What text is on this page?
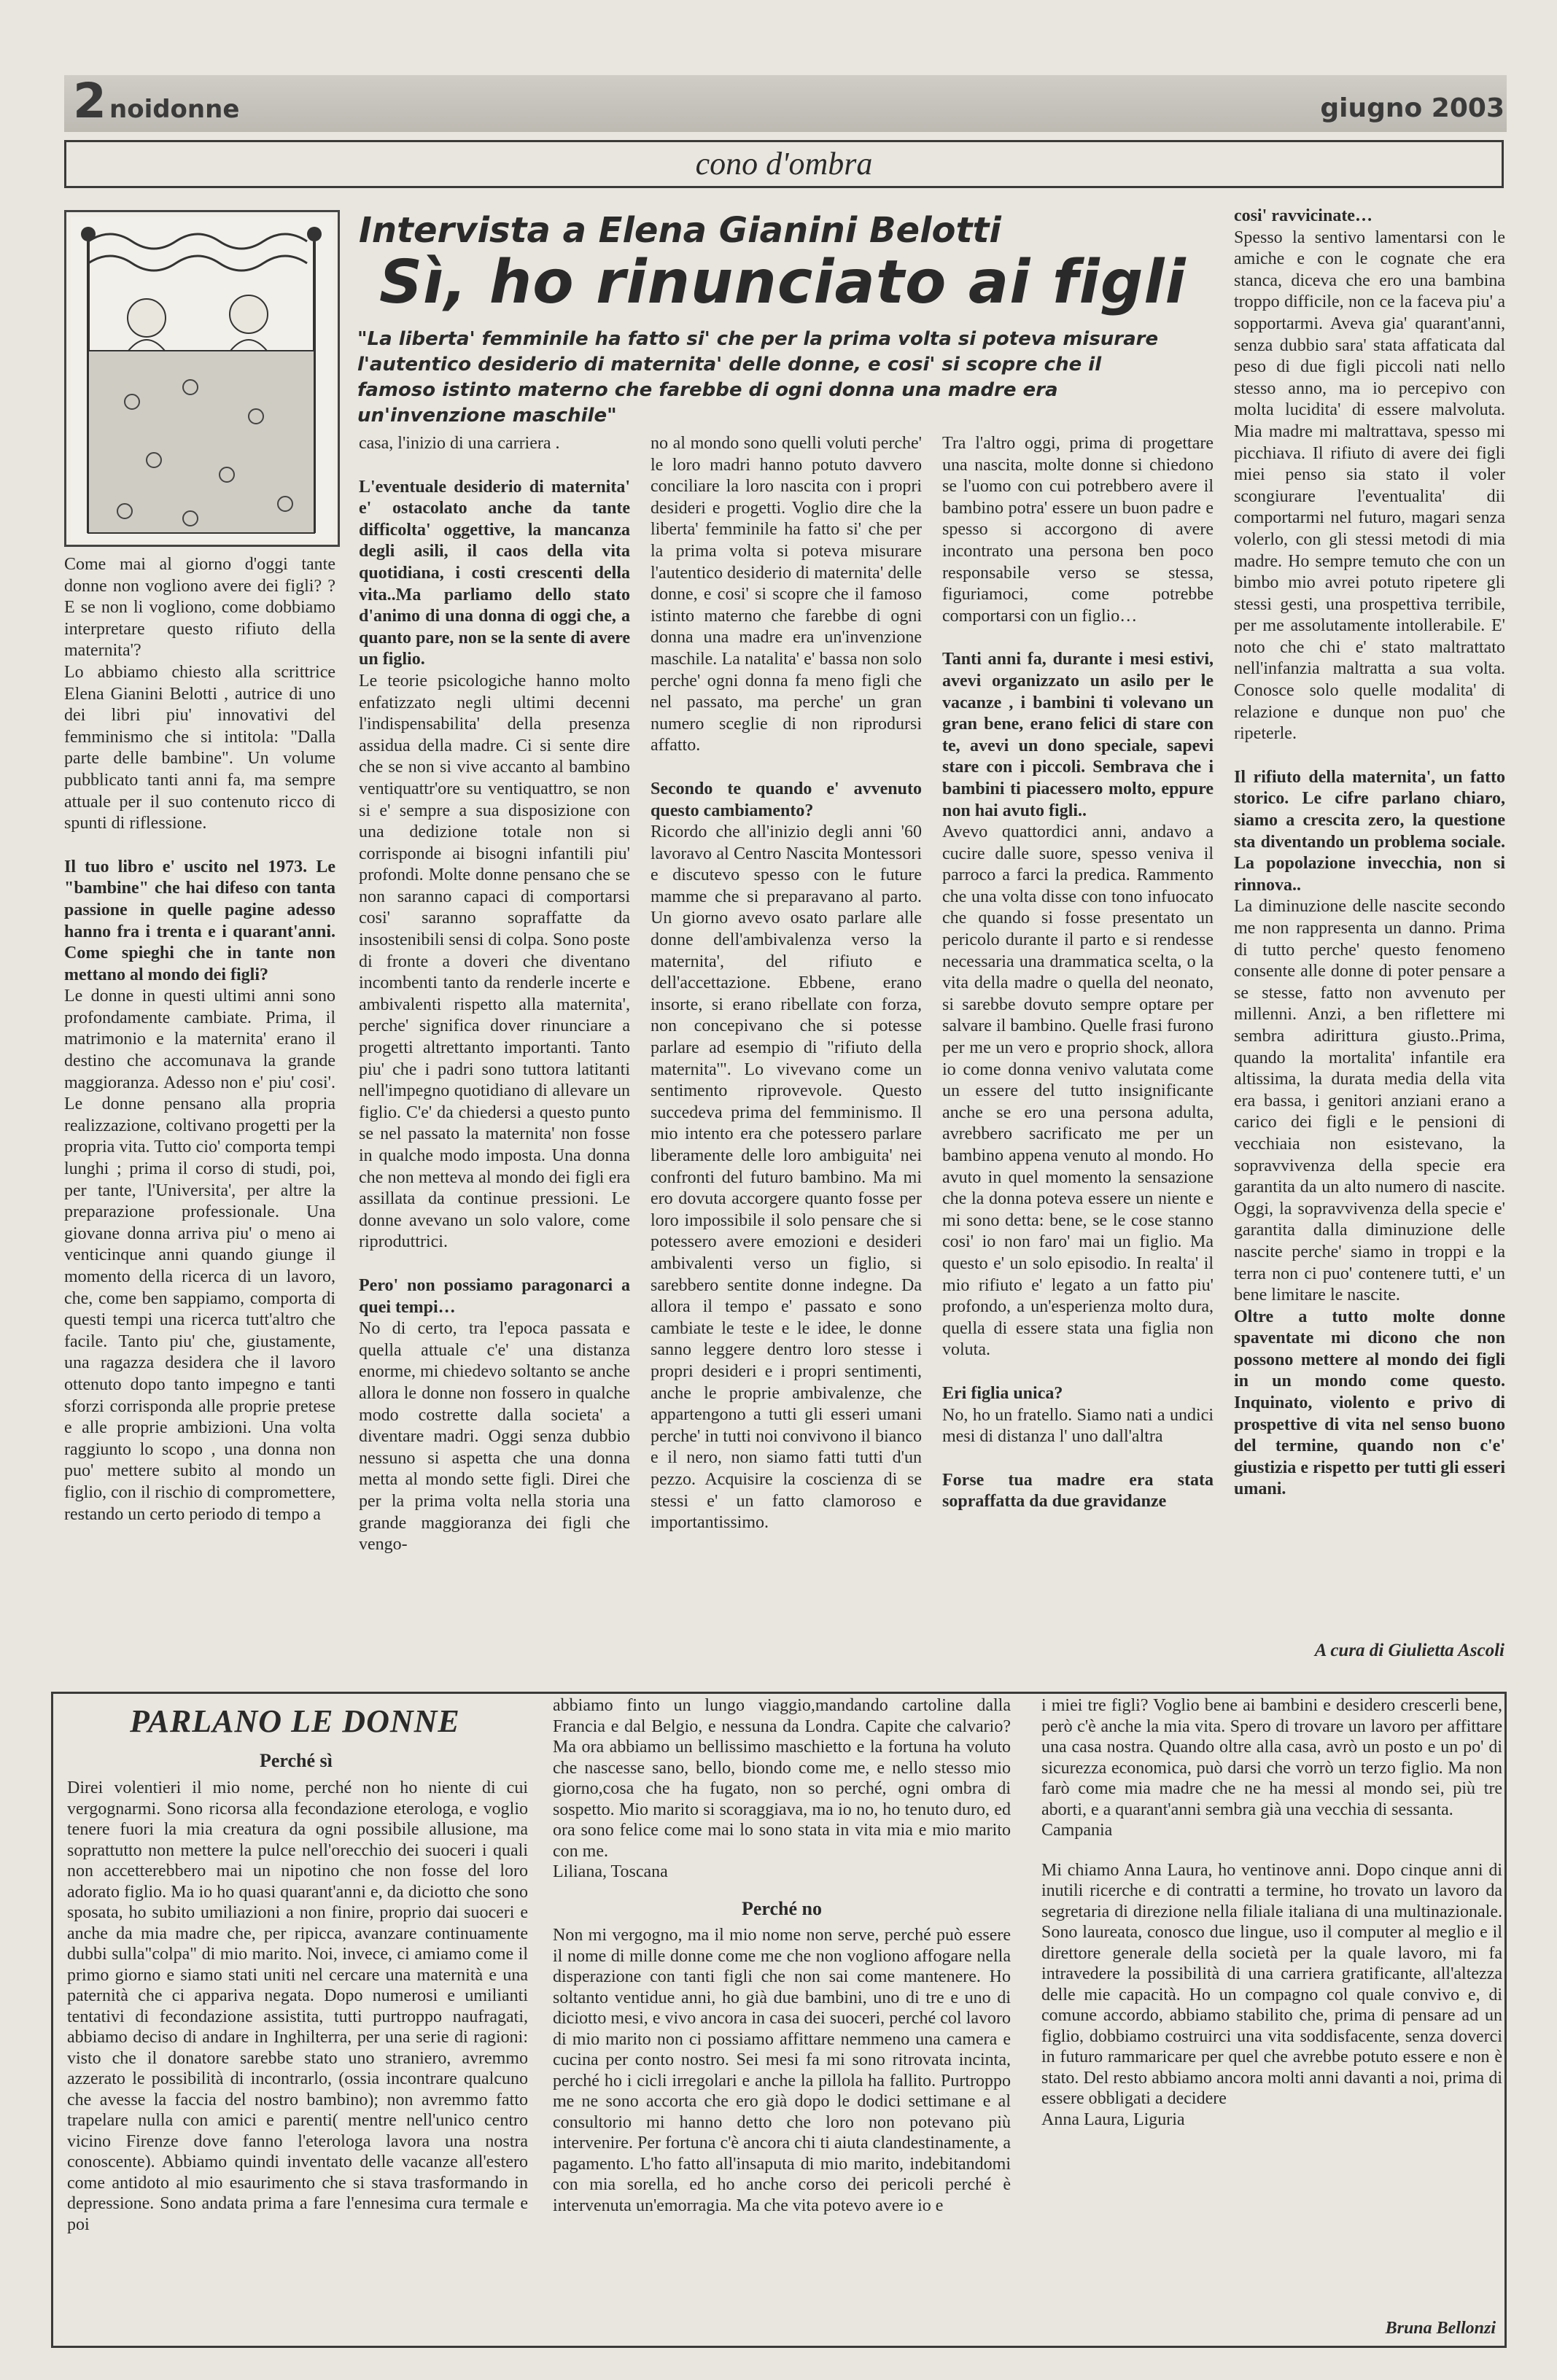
2 noidonne	giugno 2003
cono d'ombra
Intervista a Elena Gianini Belotti
Sì, ho rinunciato ai figli
"La liberta' femminile ha fatto si' che per la prima volta si poteva misurare l'autentico desiderio di maternita' delle donne, e cosi' si scopre che il famoso istinto materno che farebbe di ogni donna una madre era un'invenzione maschile"

Come mai al giorno d'oggi tante donne non vogliono avere dei figli? ? E se non li vogliono, come dobbiamo interpretare questo rifiuto della maternita'?

Lo abbiamo chiesto alla scrittrice Elena Gianini Belotti , autrice di uno dei libri piu' innovativi del femminismo che si intitola: "Dalla parte delle bambine". Un volume pubblicato tanti anni fa, ma sempre attuale per il suo contenuto ricco di spunti di riflessione.

Il tuo libro e' uscito nel 1973. Le "bambine" che hai difeso con tanta passione in quelle pagine adesso hanno fra i trenta e i quarant'anni. Come spieghi che in tante non mettano al mondo dei figli?

Le donne in questi ultimi anni sono profondamente cambiate. Prima, il matrimonio e la maternita' erano il destino che accomunava la grande maggioranza. Adesso non e' piu' cosi'. Le donne pensano alla propria realizzazione, coltivano progetti per la propria vita. Tutto cio' comporta tempi lunghi ; prima il corso di studi, poi, per tante, l'Universita', per altre la preparazione professionale. Una giovane donna arriva piu' o meno ai venticinque anni quando giunge il momento della ricerca di un lavoro, che, come ben sappiamo, comporta di questi tempi una ricerca tutt'altro che facile. Tanto piu' che, giustamente, una ragazza desidera che il lavoro ottenuto dopo tanto impegno e tanti sforzi corrisponda alle proprie pretese e alle proprie ambizioni. Una volta raggiunto lo scopo , una donna non puo' mettere subito al mondo un figlio, con il rischio di compromettere, restando un certo periodo di tempo a

casa, l'inizio di una carriera .

L'eventuale desiderio di maternita' e' ostacolato anche da tante difficolta' oggettive, la mancanza degli asili, il caos della vita quotidiana, i costi crescenti della vita..Ma parliamo dello stato d'animo di una donna di oggi che, a quanto pare, non se la sente di avere un figlio.

Le teorie psicologiche hanno molto enfatizzato negli ultimi decenni l'indispensabilita' della presenza assidua della madre. Ci si sente dire che se non si vive accanto al bambino ventiquattr'ore su ventiquattro, se non si e' sempre a sua disposizione con una dedizione totale non si corrisponde ai bisogni infantili piu' profondi. Molte donne pensano che se non saranno capaci di comportarsi cosi' saranno sopraffatte da insostenibili sensi di colpa. Sono poste di fronte a doveri che diventano incombenti tanto da renderle incerte e ambivalenti rispetto alla maternita', perche' significa dover rinunciare a progetti altrettanto importanti. Tanto piu' che i padri sono tuttora latitanti nell'impegno quotidiano di allevare un figlio. C'e' da chiedersi a questo punto se nel passato la maternita' non fosse in qualche modo imposta. Una donna che non metteva al mondo dei figli era assillata da continue pressioni. Le donne avevano un solo valore, come riproduttrici.

Pero' non possiamo paragonarci a quei tempi…

No di certo, tra l'epoca passata e quella attuale c'e' una distanza enorme, mi chiedevo soltanto se anche allora le donne non fossero in qualche modo costrette dalla societa' a diventare madri. Oggi senza dubbio nessuno si aspetta che una donna metta al mondo sette figli. Direi che per la prima volta nella storia una grande maggioranza dei figli che vengo-

no al mondo sono quelli voluti perche' le loro madri hanno potuto davvero conciliare la loro nascita con i propri desideri e progetti. Voglio dire che la liberta' femminile ha fatto si' che per la prima volta si poteva misurare l'autentico desiderio di maternita' delle donne, e cosi' si scopre che il famoso istinto materno che farebbe di ogni donna una madre era un'invenzione maschile. La natalita' e' bassa non solo perche' ogni donna fa meno figli che nel passato, ma perche' un gran numero sceglie di non riprodursi affatto.

Secondo te quando e' avvenuto questo cambiamento?

Ricordo che all'inizio degli anni '60 lavoravo al Centro Nascita Montessori e discutevo spesso con le future mamme che si preparavano al parto. Un giorno avevo osato parlare alle donne dell'ambivalenza verso la maternita', del rifiuto e dell'accettazione. Ebbene, erano insorte, si erano ribellate con forza, non concepivano che si potesse parlare ad esempio di "rifiuto della maternita'". Lo vivevano come un sentimento riprovevole. Questo succedeva prima del femminismo. Il mio intento era che potessero parlare liberamente delle loro ambiguita' nei confronti del futuro bambino. Ma mi ero dovuta accorgere quanto fosse per loro impossibile il solo pensare che si potessero avere emozioni e desideri ambivalenti verso un figlio, si sarebbero sentite donne indegne. Da allora il tempo e' passato e sono cambiate le teste e le idee, le donne sanno leggere dentro loro stesse i propri desideri e i propri sentimenti, anche le proprie ambivalenze, che appartengono a tutti gli esseri umani perche' in tutti noi convivono il bianco e il nero, non siamo fatti tutti d'un pezzo. Acquisire la coscienza di se stessi e' un fatto clamoroso e importantissimo.

Tra l'altro oggi, prima di progettare una nascita, molte donne si chiedono se l'uomo con cui potrebbero avere il bambino potra' essere un buon padre e spesso si accorgono di avere incontrato una persona ben poco responsabile verso se stessa, figuriamoci, come potrebbe comportarsi con un figlio…

Tanti anni fa, durante i mesi estivi, avevi organizzato un asilo per le vacanze , i bambini ti volevano un gran bene, erano felici di stare con te, avevi un dono speciale, sapevi stare con i piccoli. Sembrava che i bambini ti piacessero molto, eppure non hai avuto figli..

Avevo quattordici anni, andavo a cucire dalle suore, spesso veniva il parroco a farci la predica. Rammento che una volta disse con tono infuocato che quando si fosse presentato un pericolo durante il parto e si rendesse necessaria una drammatica scelta, o la vita della madre o quella del neonato, si sarebbe dovuto sempre optare per salvare il bambino. Quelle frasi furono per me un vero e proprio shock, allora io come donna venivo valutata come un essere del tutto insignificante anche se ero una persona adulta, avrebbero sacrificato me per un bambino appena venuto al mondo. Ho avuto in quel momento la sensazione che la donna poteva essere un niente e mi sono detta: bene, se le cose stanno cosi' io non faro' mai un figlio. Ma questo e' un solo episodio. In realta' il mio rifiuto e' legato a un fatto piu' profondo, a un'esperienza molto dura, quella di essere stata una figlia non voluta.

Eri figlia unica?

No, ho un fratello. Siamo nati a undici mesi di distanza l' uno dall'altra

Forse tua madre era stata sopraffatta da due gravidanze

cosi' ravvicinate…

Spesso la sentivo lamentarsi con le amiche e con le cognate che era stanca, diceva che ero una bambina troppo difficile, non ce la faceva piu' a sopportarmi. Aveva gia' quarant'anni, senza dubbio sara' stata affaticata dal peso di due figli piccoli nati nello stesso anno, ma io percepivo con molta lucidita' di essere malvoluta. Mia madre mi maltrattava, spesso mi picchiava. Il rifiuto di avere dei figli miei penso sia stato il voler scongiurare l'eventualita' dii comportarmi nel futuro, magari senza volerlo, con gli stessi metodi di mia madre. Ho sempre temuto che con un bimbo mio avrei potuto ripetere gli stessi gesti, una prospettiva terribile, per me assolutamente intollerabile. E' noto che chi e' stato maltrattato nell'infanzia maltratta a sua volta. Conosce solo quelle modalita' di relazione e dunque non puo' che ripeterle.

Il rifiuto della maternita', un fatto storico. Le cifre parlano chiaro, siamo a crescita zero, la questione sta diventando un problema sociale. La popolazione invecchia, non si rinnova..

La diminuzione delle nascite secondo me non rappresenta un danno. Prima di tutto perche' questo fenomeno consente alle donne di poter pensare a se stesse, fatto non avvenuto per millenni. Anzi, a ben riflettere mi sembra adirittura giusto..Prima, quando la mortalita' infantile era altissima, la durata media della vita era bassa, i genitori anziani erano a carico dei figli e le pensioni di vecchiaia non esistevano, la sopravvivenza della specie era garantita da un alto numero di nascite. Oggi, la sopravvivenza della specie e' garantita dalla diminuzione delle nascite perche' siamo in troppi e la terra non ci puo' contenere tutti, e' un bene limitare le nascite.

Oltre a tutto molte donne spaventate mi dicono che non possono mettere al mondo dei figli in un mondo come questo. Inquinato, violento e privo di prospettive di vita nel senso buono del termine, quando non c'e' giustizia e rispetto per tutti gli esseri umani.

A cura di Giulietta Ascoli
PARLANO LE DONNE
Perché sì

Direi volentieri il mio nome, perché non ho niente di cui vergognarmi. Sono ricorsa alla fecondazione eterologa, e voglio tenere fuori la mia creatura da ogni possibile allusione, ma soprattutto non mettere la pulce nell'orecchio dei suoceri i quali non accetterebbero mai un nipotino che non fosse del loro adorato figlio. Ma io ho quasi quarant'anni e, da diciotto che sono sposata, ho subito umiliazioni a non finire, proprio dai suoceri e anche da mia madre che, per ripicca, avanzare continuamente dubbi sulla"colpa" di mio marito. Noi, invece, ci amiamo come il primo giorno e siamo stati uniti nel cercare una maternità e una paternità che ci appariva negata. Dopo numerosi e umilianti tentativi di fecondazione assistita, tutti purtroppo naufragati, abbiamo deciso di andare in Inghilterra, per una serie di ragioni: visto che il donatore sarebbe stato uno straniero, avremmo azzerato le possibilità di incontrarlo, (ossia incontrare qualcuno che avesse la faccia del nostro bambino); non avremmo fatto trapelare nulla con amici e parenti( mentre nell'unico centro vicino Firenze dove fanno l'eterologa lavora una nostra conoscente). Abbiamo quindi inventato delle vacanze all'estero come antidoto al mio esaurimento che si stava trasformando in depressione. Sono andata prima a fare l'ennesima cura termale e poi

abbiamo finto un lungo viaggio,mandando cartoline dalla Francia e dal Belgio, e nessuna da Londra. Capite che calvario? Ma ora abbiamo un bellissimo maschietto e la fortuna ha voluto che nascesse sano, bello, biondo come me, e nello stesso mio giorno,cosa che ha fugato, non so perché, ogni ombra di sospetto. Mio marito si scoraggiava, ma io no, ho tenuto duro, ed ora sono felice come mai lo sono stata in vita mia e mio marito con me.

Liliana, Toscana

Perché no

Non mi vergogno, ma il mio nome non serve, perché può essere il nome di mille donne come me che non vogliono affogare nella disperazione con tanti figli che non sai come mantenere. Ho soltanto ventidue anni, ho già due bambini, uno di tre e uno di diciotto mesi, e vivo ancora in casa dei suoceri, perché col lavoro di mio marito non ci possiamo affittare nemmeno una camera e cucina per conto nostro. Sei mesi fa mi sono ritrovata incinta, perché ho i cicli irregolari e anche la pillola ha fallito. Purtroppo me ne sono accorta che ero già dopo le dodici settimane e al consultorio mi hanno detto che loro non potevano più intervenire. Per fortuna c'è ancora chi ti aiuta clandestinamente, a pagamento. L'ho fatto all'insaputa di mio marito, indebitandomi con mia sorella, ed ho anche corso dei pericoli perché è intervenuta un'emorragia. Ma che vita potevo avere io e

i miei tre figli? Voglio bene ai bambini e desidero crescerli bene, però c'è anche la mia vita. Spero di trovare un lavoro per affittare una casa nostra. Quando oltre alla casa, avrò un posto e un po' di sicurezza economica, può darsi che vorrò un terzo figlio. Ma non farò come mia madre che ne ha messi al mondo sei, più tre aborti, e a quarant'anni sembra già una vecchia di sessanta.

Campania

Mi chiamo Anna Laura, ho ventinove anni. Dopo cinque anni di inutili ricerche e di contratti a termine, ho trovato un lavoro da segretaria di direzione nella filiale italiana di una multinazionale. Sono laureata, conosco due lingue, uso il computer al meglio e il direttore generale della società per la quale lavoro, mi fa intravedere la possibilità di una carriera gratificante, all'altezza delle mie capacità. Ho un compagno col quale convivo e, di comune accordo, abbiamo stabilito che, prima di pensare ad un figlio, dobbiamo costruirci una vita soddisfacente, senza doverci in futuro rammaricare per quel che avrebbe potuto essere e non è stato. Del resto abbiamo ancora molti anni davanti a noi, prima di essere obbligati a decidere

Anna Laura, Liguria

Bruna Bellonzi
